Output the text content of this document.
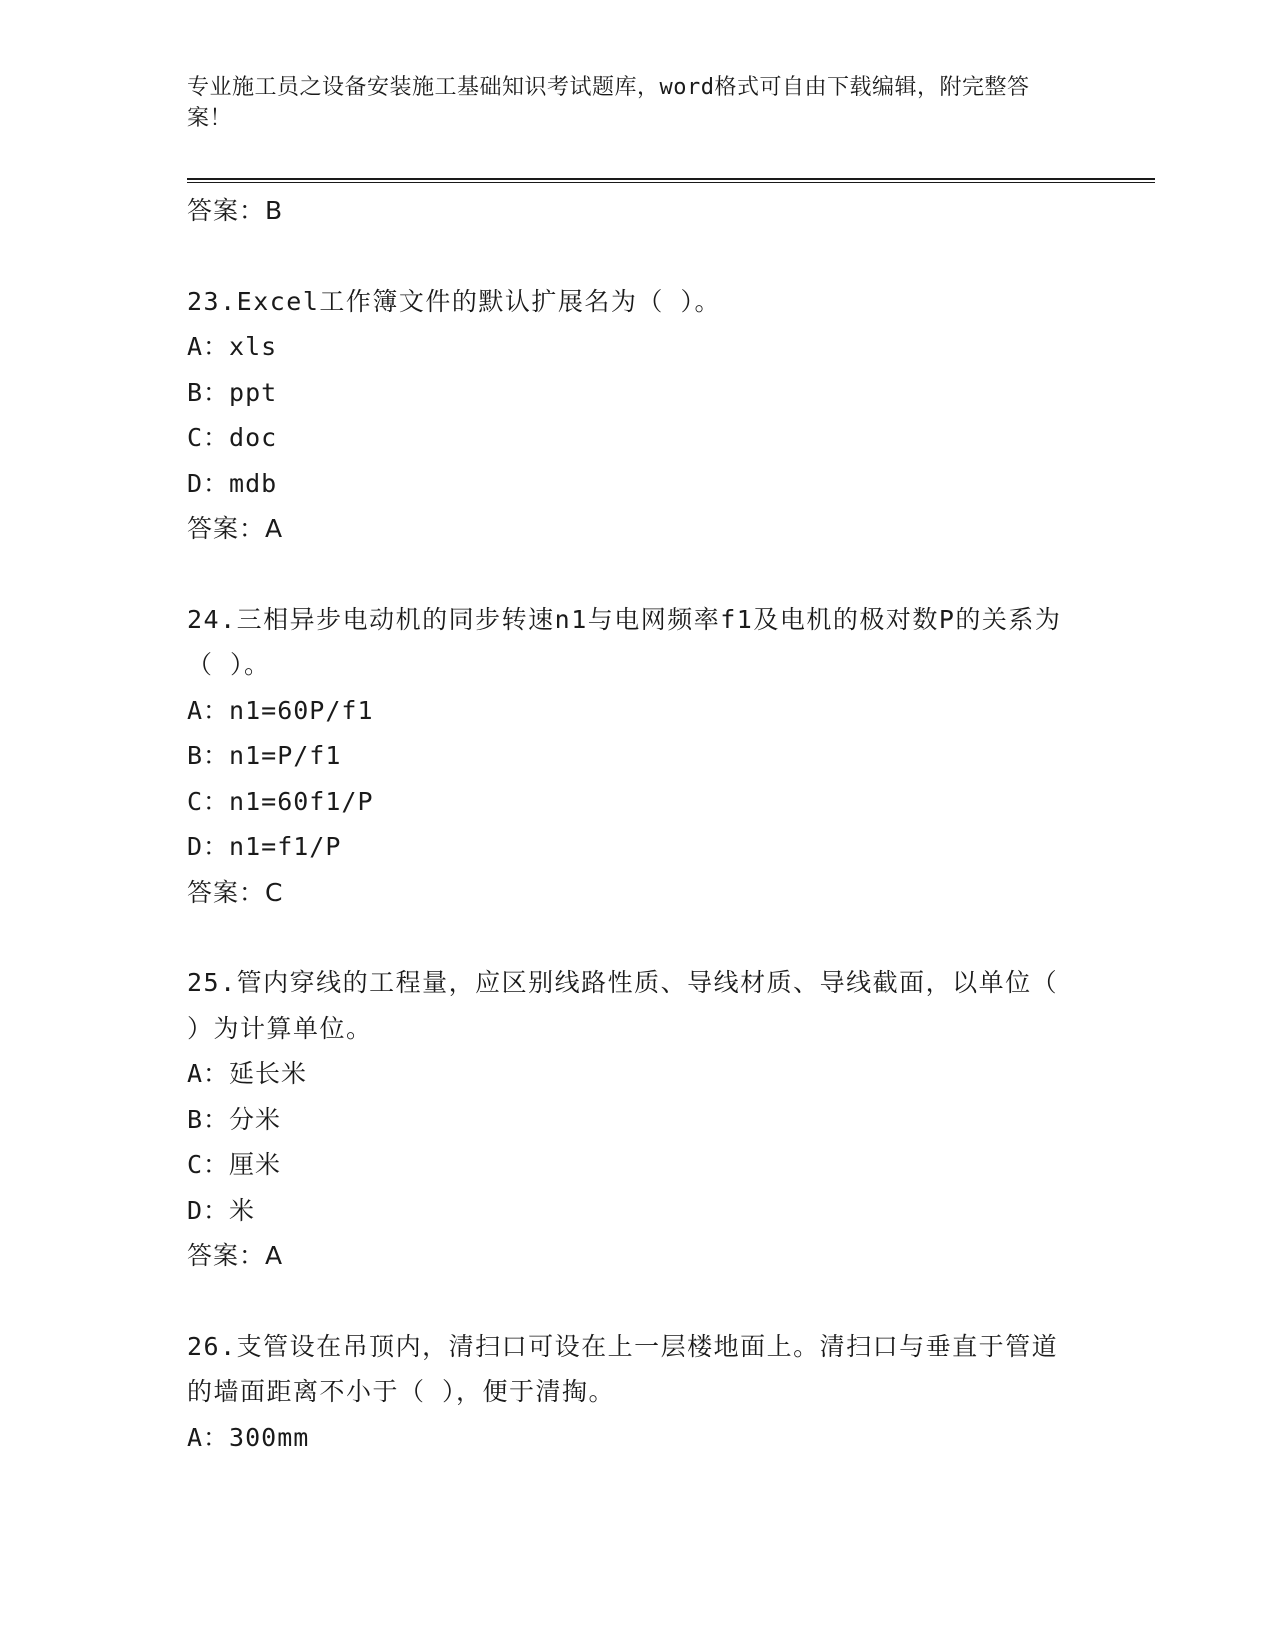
专业施工员之设备安装施工基础知识考试题库，word格式可自由下载编辑，附完整答案！
答案：B
23.Excel工作簿文件的默认扩展名为（ ）。
A：xls
B：ppt
C：doc
D：mdb
答案：A
24.三相异步电动机的同步转速n1与电网频率f1及电机的极对数P的关系为（ ）。
A：n1=60P/f1
B：n1=P/f1
C：n1=60f1/P
D：n1=f1/P
答案：C
25.管内穿线的工程量，应区别线路性质、导线材质、导线截面，以单位（ ）为计算单位。
A：延长米
B：分米
C：厘米
D：米
答案：A
26.支管设在吊顶内，清扫口可设在上一层楼地面上。清扫口与垂直于管道的墙面距离不小于（ ），便于清掏。
A：300mm
